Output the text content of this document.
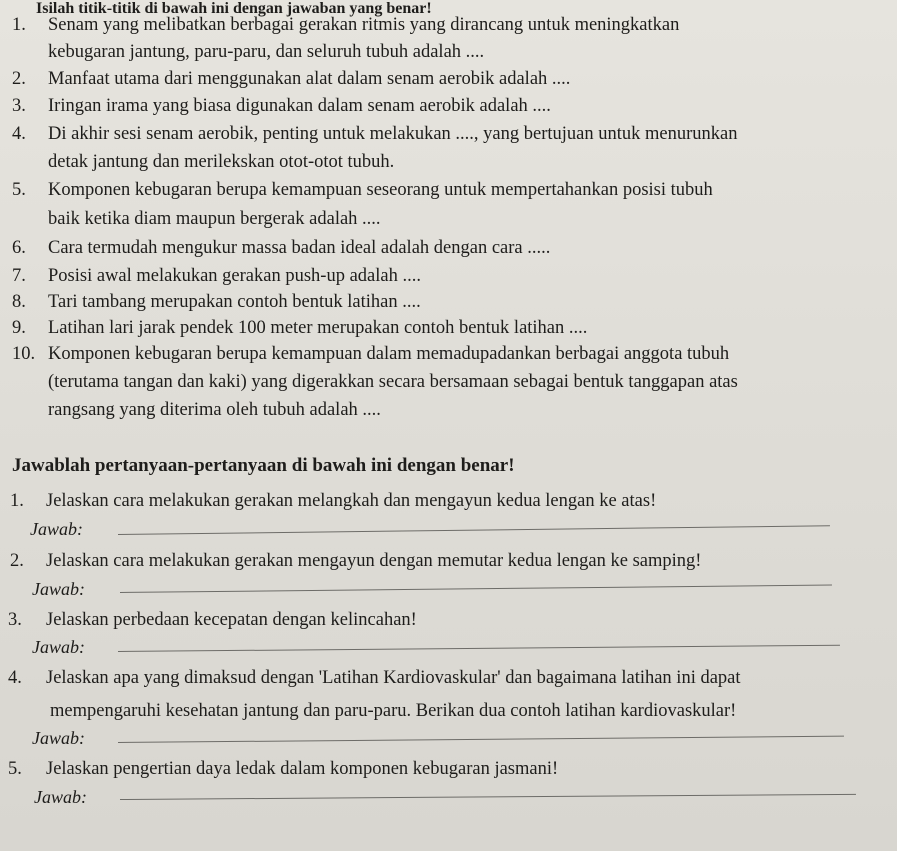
Isilah titik-titik di bawah ini dengan jawaban yang benar!
1. Senam yang melibatkan berbagai gerakan ritmis yang dirancang untuk meningkatkan
kebugaran jantung, paru-paru, dan seluruh tubuh adalah ....
2. Manfaat utama dari menggunakan alat dalam senam aerobik adalah ....
3. Iringan irama yang biasa digunakan dalam senam aerobik adalah ....
4. Di akhir sesi senam aerobik, penting untuk melakukan ...., yang bertujuan untuk menurunkan
detak jantung dan merilekskan otot-otot tubuh.
5. Komponen kebugaran berupa kemampuan seseorang untuk mempertahankan posisi tubuh
baik ketika diam maupun bergerak adalah ....
6. Cara termudah mengukur massa badan ideal adalah dengan cara .....
7. Posisi awal melakukan gerakan push-up adalah ....
8. Tari tambang merupakan contoh bentuk latihan ....
9. Latihan lari jarak pendek 100 meter merupakan contoh bentuk latihan ....
10. Komponen kebugaran berupa kemampuan dalam memadupadankan berbagai anggota tubuh
(terutama tangan dan kaki) yang digerakkan secara bersamaan sebagai bentuk tanggapan atas
rangsang yang diterima oleh tubuh adalah ....
Jawablah pertanyaan-pertanyaan di bawah ini dengan benar!
1. Jelaskan cara melakukan gerakan melangkah dan mengayun kedua lengan ke atas!
Jawab:
2. Jelaskan cara melakukan gerakan mengayun dengan memutar kedua lengan ke samping!
Jawab:
3. Jelaskan perbedaan kecepatan dengan kelincahan!
Jawab:
4. Jelaskan apa yang dimaksud dengan 'Latihan Kardiovaskular' dan bagaimana latihan ini dapat
mempengaruhi kesehatan jantung dan paru-paru. Berikan dua contoh latihan kardiovaskular!
Jawab:
5. Jelaskan pengertian daya ledak dalam komponen kebugaran jasmani!
Jawab:
